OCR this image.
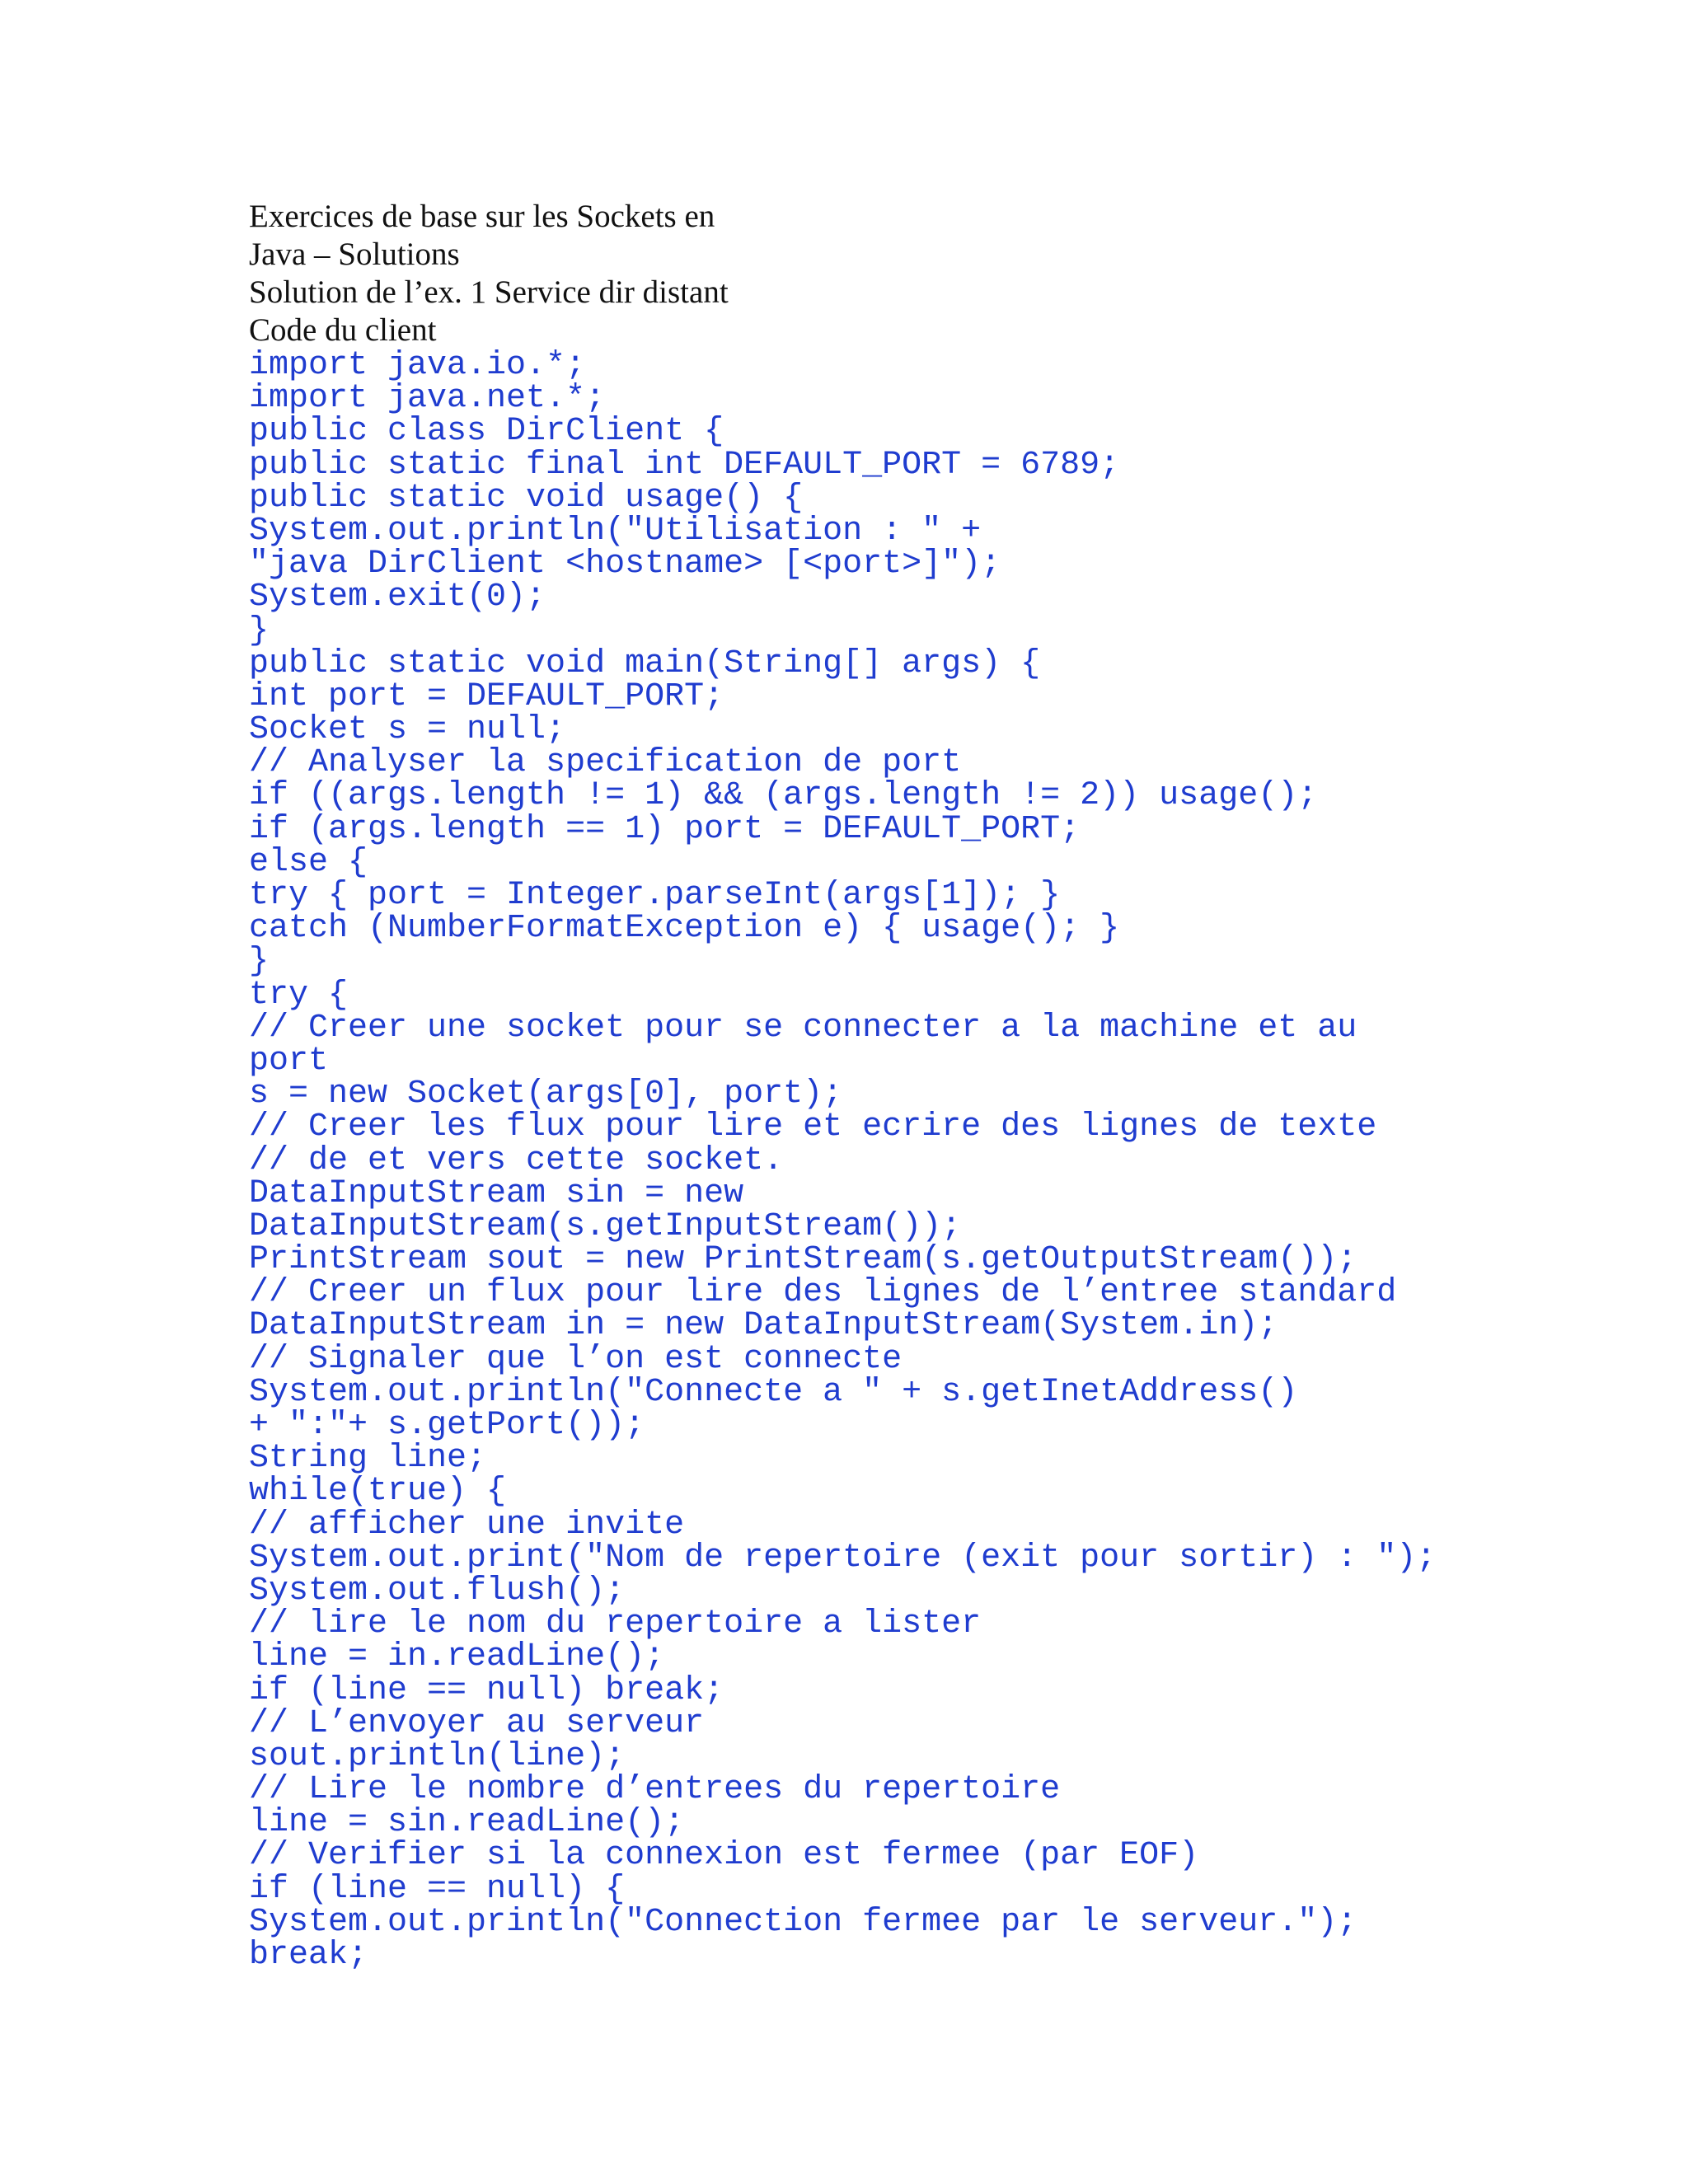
Exercices de base sur les Sockets en
Java – Solutions
Solution de l’ex. 1 Service dir distant
Code du client
import java.io.*;
import java.net.*;
public class DirClient {
public static final int DEFAULT_PORT = 6789;
public static void usage() {
System.out.println("Utilisation : " +
"java DirClient <hostname> [<port>]");
System.exit(0);
}
public static void main(String[] args) {
int port = DEFAULT_PORT;
Socket s = null;
// Analyser la specification de port
if ((args.length != 1) && (args.length != 2)) usage();
if (args.length == 1) port = DEFAULT_PORT;
else {
try { port = Integer.parseInt(args[1]); }
catch (NumberFormatException e) { usage(); }
}
try {
// Creer une socket pour se connecter a la machine et au
port
s = new Socket(args[0], port);
// Creer les flux pour lire et ecrire des lignes de texte
// de et vers cette socket.
DataInputStream sin = new
DataInputStream(s.getInputStream());
PrintStream sout = new PrintStream(s.getOutputStream());
// Creer un flux pour lire des lignes de l’entree standard
DataInputStream in = new DataInputStream(System.in);
// Signaler que l’on est connecte
System.out.println("Connecte a " + s.getInetAddress()
+ ":"+ s.getPort());
String line;
while(true) {
// afficher une invite
System.out.print("Nom de repertoire (exit pour sortir) : ");
System.out.flush();
// lire le nom du repertoire a lister
line = in.readLine();
if (line == null) break;
// L’envoyer au serveur
sout.println(line);
// Lire le nombre d’entrees du repertoire
line = sin.readLine();
// Verifier si la connexion est fermee (par EOF)
if (line == null) {
System.out.println("Connection fermee par le serveur.");
break;
